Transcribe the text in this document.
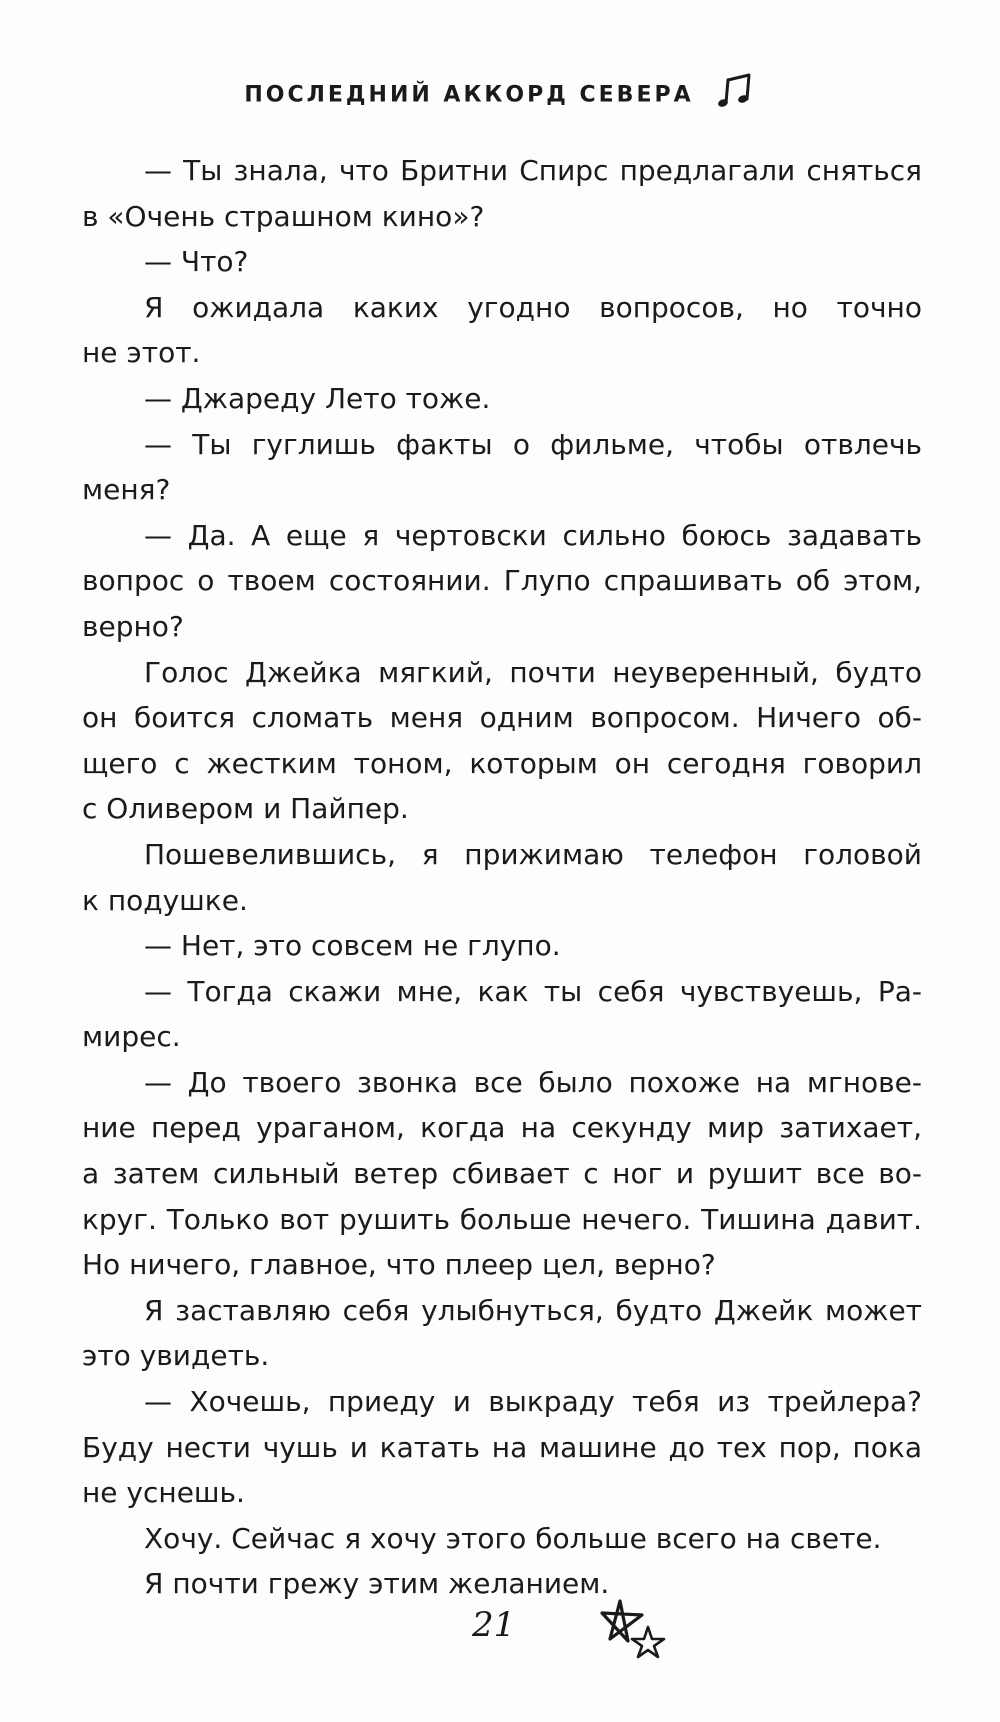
ПОСЛЕДНИЙ АККОРД СЕВЕРА
— Ты знала, что Бритни Спирс предлагали сняться
в «Очень страшном кино»?
— Что?
Я ожидала каких угодно вопросов, но точно
не этот.
— Джареду Лето тоже.
— Ты гуглишь факты о фильме, чтобы отвлечь
меня?
— Да. А еще я чертовски сильно боюсь задавать
вопрос о твоем состоянии. Глупо спрашивать об этом,
верно?
Голос Джейка мягкий, почти неуверенный, будто
он боится сломать меня одним вопросом. Ничего об-
щего с жестким тоном, которым он сегодня говорил
с Оливером и Пайпер.
Пошевелившись, я прижимаю телефон головой
к подушке.
— Нет, это совсем не глупо.
— Тогда скажи мне, как ты себя чувствуешь, Ра-
мирес.
— До твоего звонка все было похоже на мгнове-
ние перед ураганом, когда на секунду мир затихает,
а затем сильный ветер сбивает с ног и рушит все во-
круг. Только вот рушить больше нечего. Тишина давит.
Но ничего, главное, что плеер цел, верно?
Я заставляю себя улыбнуться, будто Джейк может
это увидеть.
— Хочешь, приеду и выкраду тебя из трейлера?
Буду нести чушь и катать на машине до тех пор, пока
не уснешь.
Хочу. Сейчас я хочу этого больше всего на свете.
Я почти грежу этим желанием.
21
